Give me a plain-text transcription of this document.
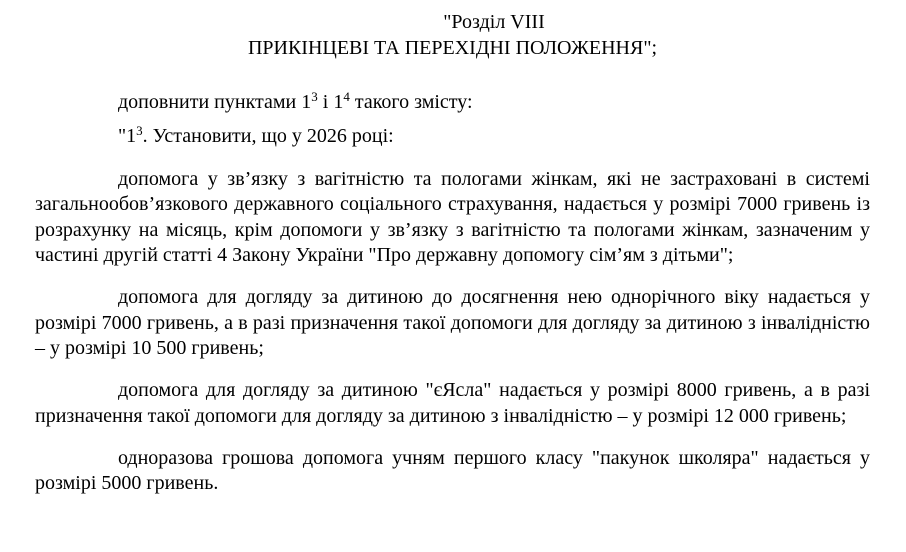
"Розділ VIII
ПРИКІНЦЕВІ ТА ПЕРЕХІДНІ ПОЛОЖЕННЯ";

доповнити пунктами $1^3$ і $1^4$ такого змісту:

"$1^3$. Установити, що у 2026 році:

допомога у зв’язку з вагітністю та пологами жінкам, які не застраховані в системі загальнообов’язкового державного соціального страхування, надається у розмірі 7000 гривень із розрахунку на місяць, крім допомоги у зв’язку з вагітністю та пологами жінкам, зазначеним у частині другій статті 4 Закону України "Про державну допомогу сім’ям з дітьми";

допомога для догляду за дитиною до досягнення нею однорічного віку надається у розмірі 7000 гривень, а в разі призначення такої допомоги для догляду за дитиною з інвалідністю – у розмірі 10 500 гривень;

допомога для догляду за дитиною "єЯсла" надається у розмірі 8000 гривень, а в разі призначення такої допомоги для догляду за дитиною з інвалідністю – у розмірі 12 000 гривень;

одноразова грошова допомога учням першого класу "пакунок школяра" надається у розмірі 5000 гривень.
